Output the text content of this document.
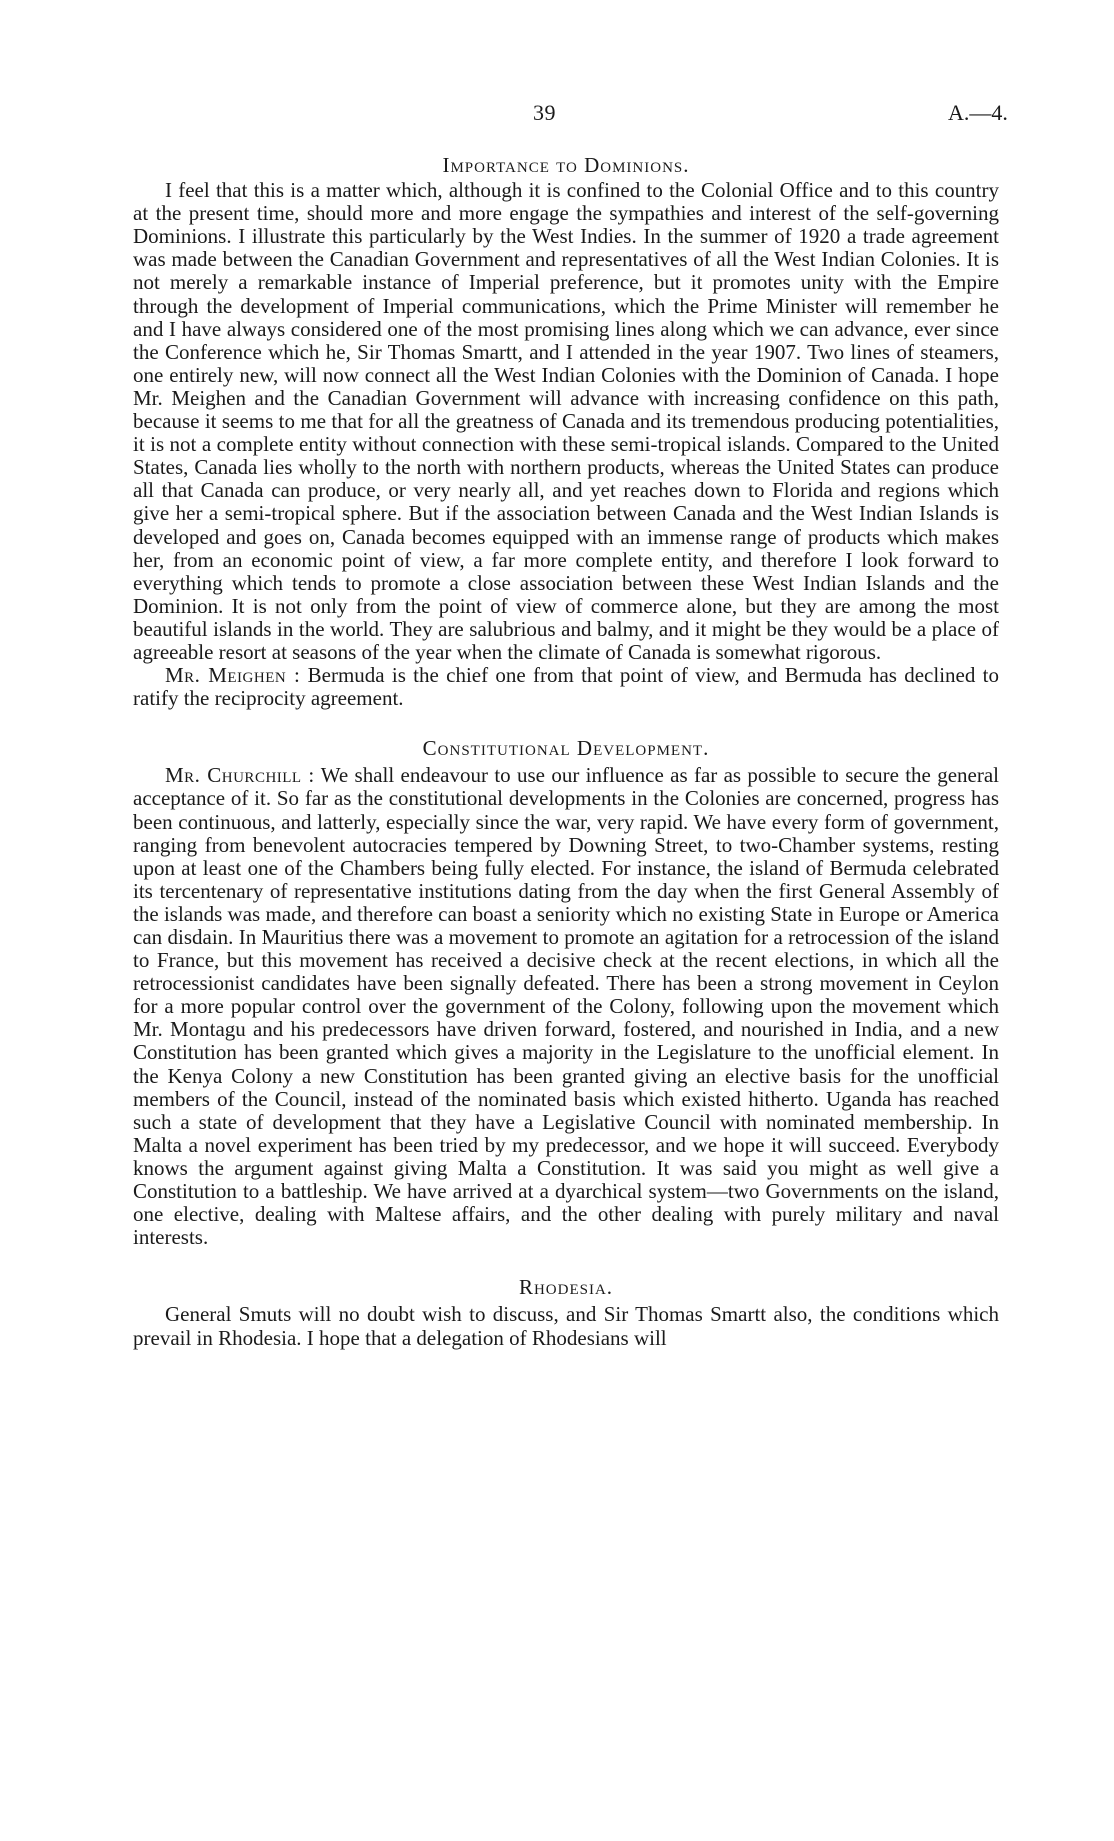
39	A.—4.

Importance to Dominions.

I feel that this is a matter which, although it is confined to the Colonial Office and to this country at the present time, should more and more engage the sympathies and interest of the self-governing Dominions. I illustrate this particularly by the West Indies. In the summer of 1920 a trade agreement was made between the Canadian Government and representatives of all the West Indian Colonies. It is not merely a remarkable instance of Imperial preference, but it promotes unity with the Empire through the development of Imperial communications, which the Prime Minister will remember he and I have always considered one of the most promising lines along which we can advance, ever since the Conference which he, Sir Thomas Smartt, and I attended in the year 1907. Two lines of steamers, one entirely new, will now connect all the West Indian Colonies with the Dominion of Canada. I hope Mr. Meighen and the Canadian Government will advance with increasing confidence on this path, because it seems to me that for all the greatness of Canada and its tremendous producing potentialities, it is not a complete entity without connection with these semi-tropical islands. Compared to the United States, Canada lies wholly to the north with northern products, whereas the United States can produce all that Canada can produce, or very nearly all, and yet reaches down to Florida and regions which give her a semi-tropical sphere. But if the association between Canada and the West Indian Islands is developed and goes on, Canada becomes equipped with an immense range of products which makes her, from an economic point of view, a far more complete entity, and therefore I look forward to everything which tends to promote a close association between these West Indian Islands and the Dominion. It is not only from the point of view of commerce alone, but they are among the most beautiful islands in the world. They are salubrious and balmy, and it might be they would be a place of agreeable resort at seasons of the year when the climate of Canada is somewhat rigorous.

Mr. Meighen : Bermuda is the chief one from that point of view, and Bermuda has declined to ratify the reciprocity agreement.

Constitutional Development.

Mr. Churchill : We shall endeavour to use our influence as far as possible to secure the general acceptance of it. So far as the constitutional developments in the Colonies are concerned, progress has been continuous, and latterly, especially since the war, very rapid. We have every form of government, ranging from benevolent autocracies tempered by Downing Street, to two-Chamber systems, resting upon at least one of the Chambers being fully elected. For instance, the island of Bermuda celebrated its tercentenary of representative institutions dating from the day when the first General Assembly of the islands was made, and therefore can boast a seniority which no existing State in Europe or America can disdain. In Mauritius there was a movement to promote an agitation for a retrocession of the island to France, but this movement has received a decisive check at the recent elections, in which all the retrocessionist candidates have been signally defeated. There has been a strong movement in Ceylon for a more popular control over the government of the Colony, following upon the movement which Mr. Montagu and his predecessors have driven forward, fostered, and nourished in India, and a new Constitution has been granted which gives a majority in the Legislature to the unofficial element. In the Kenya Colony a new Constitution has been granted giving an elective basis for the unofficial members of the Council, instead of the nominated basis which existed hitherto. Uganda has reached such a state of development that they have a Legislative Council with nominated membership. In Malta a novel experiment has been tried by my predecessor, and we hope it will succeed. Everybody knows the argument against giving Malta a Constitution. It was said you might as well give a Constitution to a battleship. We have arrived at a dyarchical system—two Governments on the island, one elective, dealing with Maltese affairs, and the other dealing with purely military and naval interests.

Rhodesia.

General Smuts will no doubt wish to discuss, and Sir Thomas Smartt also, the conditions which prevail in Rhodesia. I hope that a delegation of Rhodesians will
